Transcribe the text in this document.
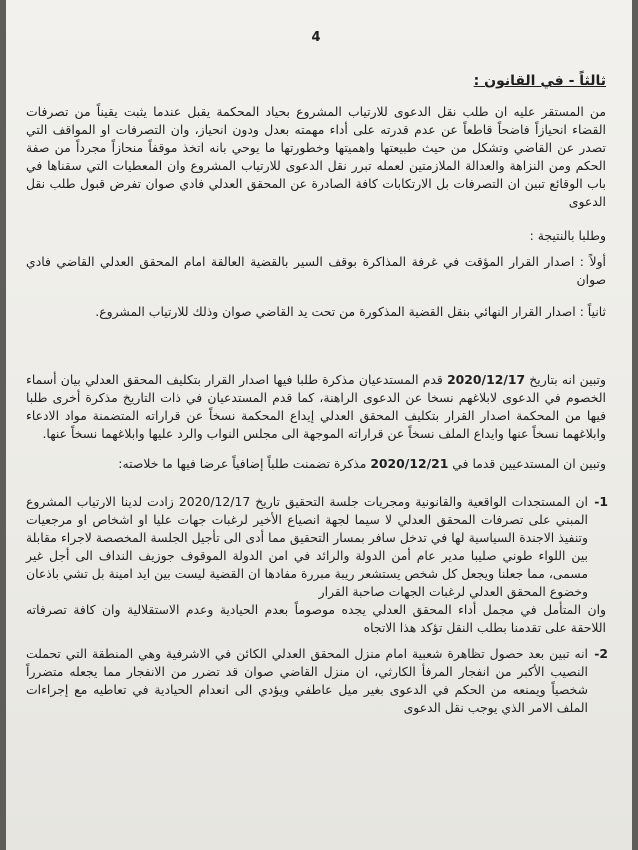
4
ثالثاً - في القانون :

من المستقر عليه ان طلب نقل الدعوى للارتياب المشروع بحياد المحكمة يقبل عندما يثبت يقيناً من تصرفات القضاء انحيازاً فاضحاً قاطعاً عن عدم قدرته على أداء مهمته بعدل ودون انحياز، وان التصرفات او المواقف التي تصدر عن القاضي وتشكل من حيث طبيعتها واهميتها وخطورتها ما يوحي بانه اتخذ موقفاً منحازاً مجرداً من صفة الحكم ومن النزاهة والعدالة الملازمتين لعمله تبرر نقل الدعوى للارتياب المشروع وان المعطيات التي سقناها في باب الوقائع تبين ان التصرفات بل الارتكابات كافة الصادرة عن المحقق العدلي فادي صوان تفرض قبول طلب نقل الدعوى

وطلبا بالنتيجة :

أولاً : اصدار القرار المؤقت في غرفة المذاكرة بوقف السير بالقضية العالقة امام المحقق العدلي القاضي فادي صوان

ثانياً : اصدار القرار النهائي بنقل القضية المذكورة من تحت يد القاضي صوان وذلك للارتياب المشروع.

وتبين انه بتاريخ 2020/12/17 قدم المستدعيان مذكرة طلبا فيها اصدار القرار بتكليف المحقق العدلي بيان أسماء الخصوم في الدعوى لابلاغهم نسخا عن الدعوى الراهنة، كما قدم المستدعيان في ذات التاريخ مذكرة أخرى طلبا فيها من المحكمة اصدار القرار بتكليف المحقق العدلي إيداع المحكمة نسخاً عن قراراته المتضمنة مواد الادعاء وابلاغهما نسخاً عنها وايداع الملف نسخاً عن قراراته الموجهة الى مجلس النواب والرد عليها وابلاغهما نسخاً عنها.

وتبين ان المستدعيين قدما في 2020/12/21 مذكرة تضمنت طلباً إضافياً عرضا فيها ما خلاصته:

1-

ان المستجدات الواقعية والقانونية ومجريات جلسة التحقيق تاريخ 2020/12/17 زادت لدينا الارتياب المشروع المبني على تصرفات المحقق العدلي لا سيما لجهة انصياع الأخير لرغبات جهات عليا او اشخاص او مرجعيات وتنفيذ الاجندة السياسية لها في تدخل سافر بمسار التحقيق مما أدى الى تأجيل الجلسة المخصصة لاجراء مقابلة بين اللواء طوني صليبا مدير عام أمن الدولة والرائد في امن الدولة الموقوف جوزيف النداف الى أجل غير مسمى، مما جعلنا ويجعل كل شخص يستشعر ريبة مبررة مفادها ان القضية ليست بين ايد امينة بل تشي باذعان وخضوع المحقق العدلي لرغبات الجهات صاحبة القرار

وان المتأمل في مجمل أداء المحقق العدلي يجده موصوماً بعدم الحيادية وعدم الاستقلالية وان كافة تصرفاته اللاحقة على تقدمنا بطلب النقل تؤكد هذا الاتجاه

2-

انه تبين بعد حصول تظاهرة شعبية امام منزل المحقق العدلي الكائن في الاشرفية وهي المنطقة التي تحملت النصيب الأكبر من انفجار المرفأ الكارثي، ان منزل القاضي صوان قد تضرر من الانفجار مما يجعله متضرراً شخصياً ويمنعه من الحكم في الدعوى بغير ميل عاطفي ويؤدي الى انعدام الحيادية في تعاطيه مع إجراءات الملف الامر الذي يوجب نقل الدعوى
